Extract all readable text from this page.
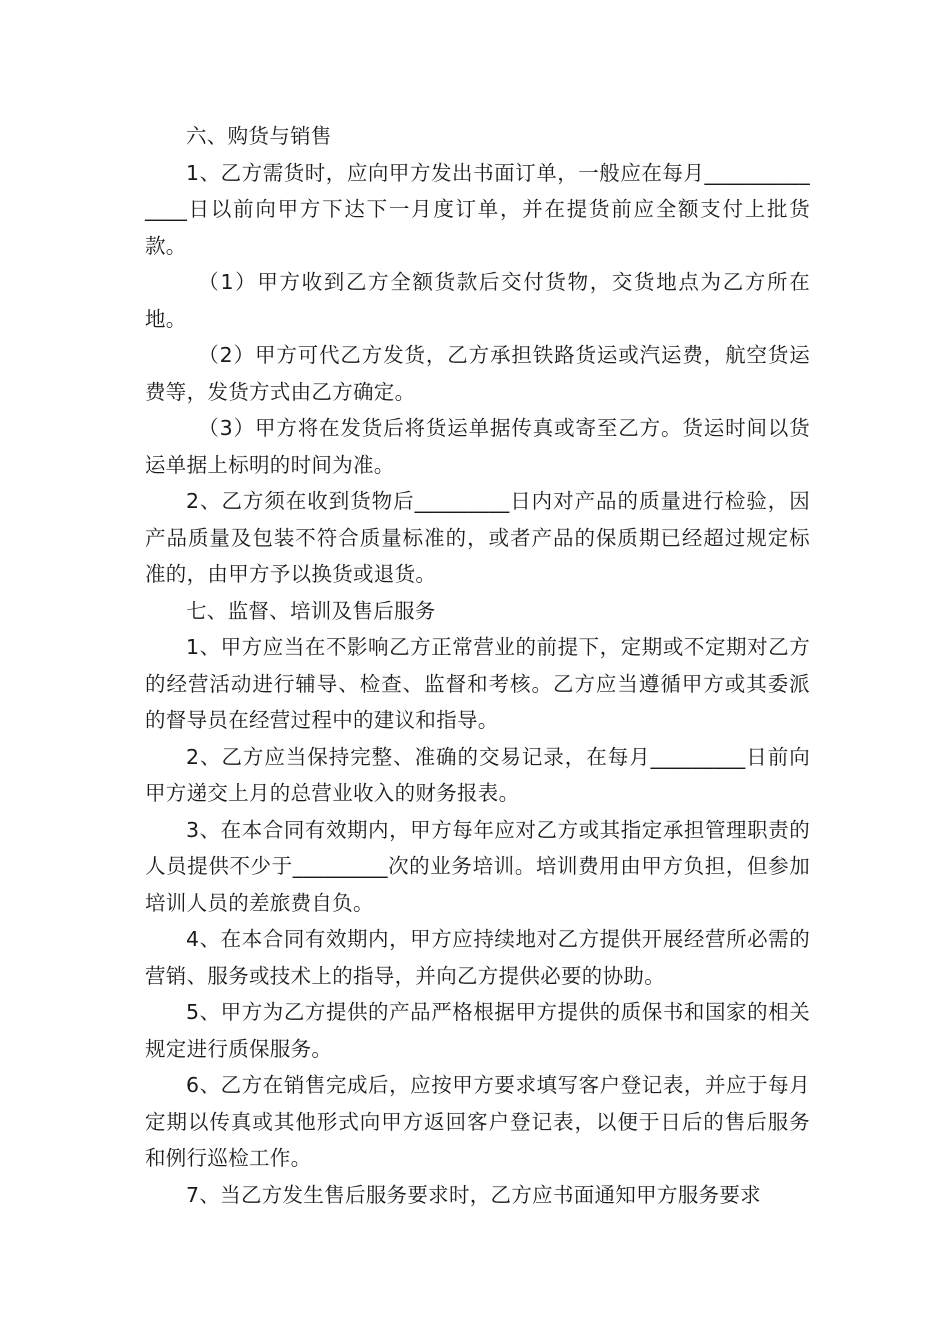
六、购货与销售

1、乙方需货时，应向甲方发出书面订单，一般应在每月______________日以前向甲方下达下一月度订单，并在提货前应全额支付上批货款。

（1）甲方收到乙方全额货款后交付货物，交货地点为乙方所在地。

（2）甲方可代乙方发货，乙方承担铁路货运或汽运费，航空货运费等，发货方式由乙方确定。

（3）甲方将在发货后将货运单据传真或寄至乙方。货运时间以货运单据上标明的时间为准。

2、乙方须在收到货物后_________日内对产品的质量进行检验，因产品质量及包装不符合质量标准的，或者产品的保质期已经超过规定标准的，由甲方予以换货或退货。

七、监督、培训及售后服务

1、甲方应当在不影响乙方正常营业的前提下，定期或不定期对乙方的经营活动进行辅导、检查、监督和考核。乙方应当遵循甲方或其委派的督导员在经营过程中的建议和指导。

2、乙方应当保持完整、准确的交易记录，在每月_________日前向甲方递交上月的总营业收入的财务报表。

3、在本合同有效期内，甲方每年应对乙方或其指定承担管理职责的人员提供不少于_________次的业务培训。培训费用由甲方负担，但参加培训人员的差旅费自负。

4、在本合同有效期内，甲方应持续地对乙方提供开展经营所必需的营销、服务或技术上的指导，并向乙方提供必要的协助。

5、甲方为乙方提供的产品严格根据甲方提供的质保书和国家的相关规定进行质保服务。

6、乙方在销售完成后，应按甲方要求填写客户登记表，并应于每月定期以传真或其他形式向甲方返回客户登记表，以便于日后的售后服务和例行巡检工作。

7、当乙方发生售后服务要求时，乙方应书面通知甲方服务要求
